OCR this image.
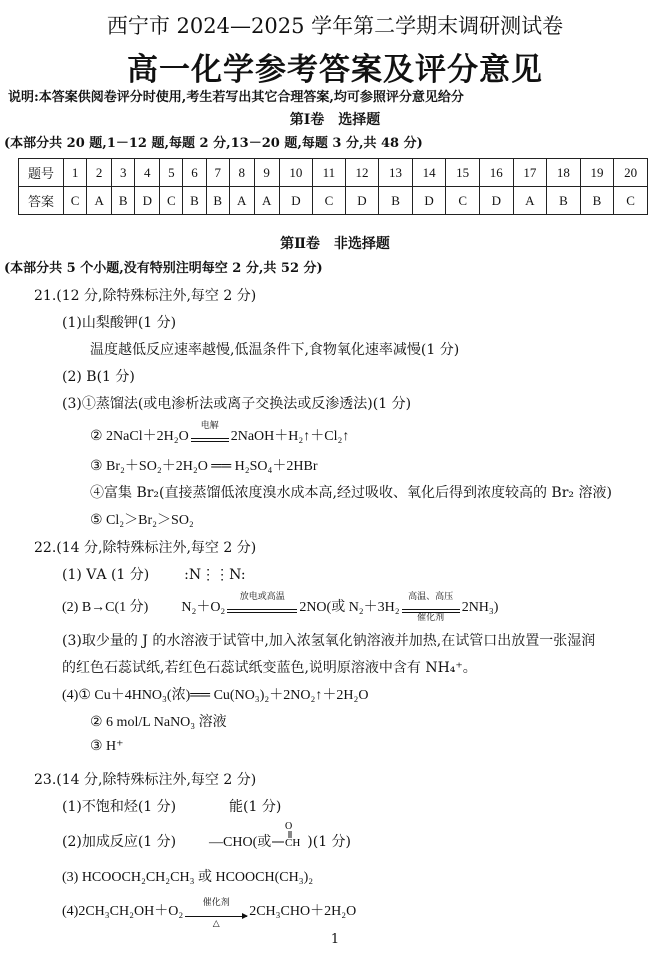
西宁市 2024—2025 学年第二学期末调研测试卷
高一化学参考答案及评分意见
说明:本答案供阅卷评分时使用,考生若写出其它合理答案,均可参照评分意见给分
第Ⅰ卷　选择题
(本部分共 20 题,1－12 题,每题 2 分,13－20 题,每题 3 分,共 48 分)
题号	1	2	3	4	5	6	7	8	9	10	11	12	13	14	15	16	17	18	19	20
答案	C	A	B	D	C	B	B	A	A	D	C	D	B	D	C	D	A	B	B	C
第Ⅱ卷　非选择题
(本部分共 5 个小题,没有特别注明每空 2 分,共 52 分)
21.(12 分,除特殊标注外,每空 2 分)
(1)山梨酸钾(1 分)
温度越低反应速率越慢,低温条件下,食物氧化速率减慢(1 分)
(2) B(1 分)
(3)①蒸馏法(或电渗析法或离子交换法或反渗透法)(1 分)
② 2NaCl＋2H₂O
电解
2NaOH＋H₂↑＋Cl₂↑
③ Br₂＋SO₂＋2H₂O ══ H₂SO₄＋2HBr
④富集 Br₂(直接蒸馏低浓度溴水成本高,经过吸收、氧化后得到浓度较高的 Br₂ 溶液)
⑤ Cl₂＞Br₂＞SO₂
22.(14 分,除特殊标注外,每空 2 分)
(1) ⅤA (1 分) :N⋮⋮N:
(2) B→C(1 分) N₂＋O₂
放电或高温
2NO(或 N₂＋3H₂
高温、高压
催化剂
2NH₃)
(3)取少量的 J 的水溶液于试管中,加入浓氢氧化钠溶液并加热,在试管口出放置一张湿润
的红色石蕊试纸,若红色石蕊试纸变蓝色,说明原溶液中含有 NH₄⁺。
(4)① Cu＋4HNO₃(浓)══ Cu(NO₃)₂＋2NO₂↑＋2H₂O
② 6 mol/L NaNO₃ 溶液
③ H⁺
23.(14 分,除特殊标注外,每空 2 分)
(1)不饱和烃(1 分)	能(1 分)
(2)加成反应(1 分) —CHO(或
O
CH )(1 分)
(3) HCOOCH₂CH₂CH₃ 或 HCOOCH(CH₃)₂
(4)2CH₃CH₂OH＋O₂
催化剂
△
2CH₃CHO＋2H₂O
1
